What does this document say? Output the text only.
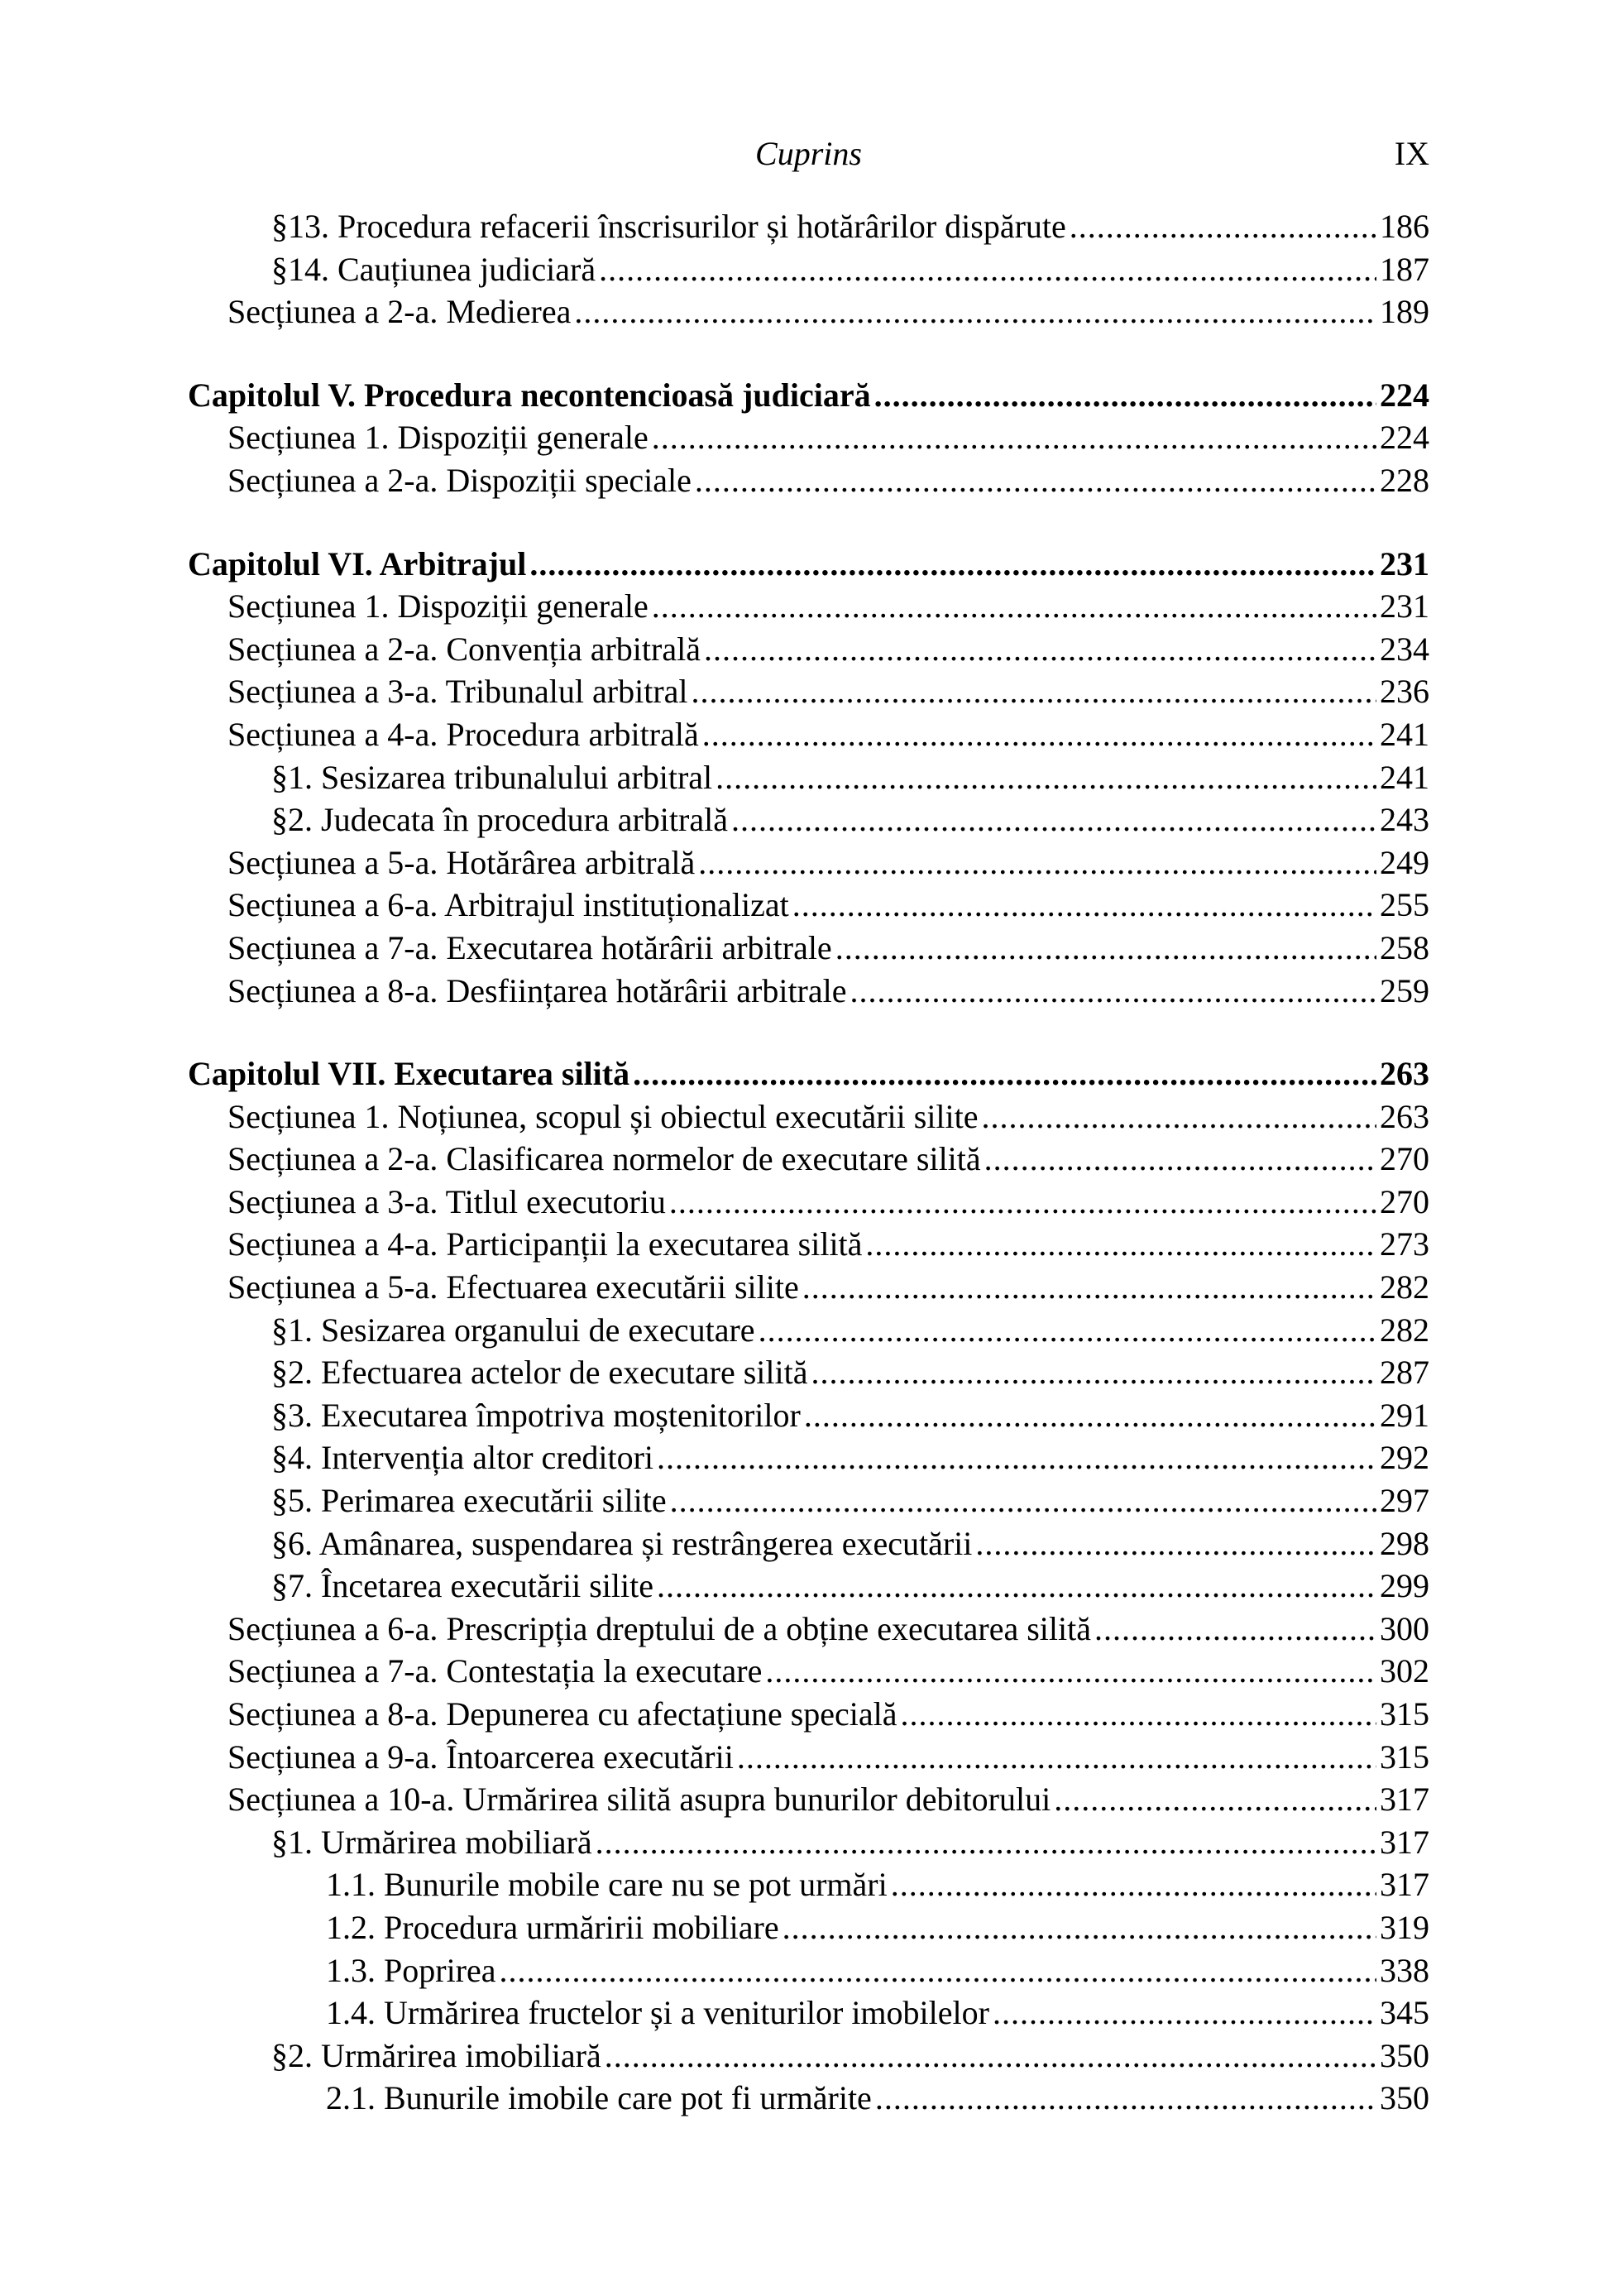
Cuprins	IX
§13. Procedura refacerii înscrisurilor și hotărârilor dispărute .....	186
§14. Cauțiunea judiciară .....	187
Secțiunea a 2-a. Medierea .....	189
Capitolul V. Procedura necontencioasă judiciară .....	224
Secțiunea 1. Dispoziții generale .....	224
Secțiunea a 2-a. Dispoziții speciale .....	228
Capitolul VI. Arbitrajul .....	231
Secțiunea 1. Dispoziții generale .....	231
Secțiunea a 2-a. Convenția arbitrală .....	234
Secțiunea a 3-a. Tribunalul arbitral .....	236
Secțiunea a 4-a. Procedura arbitrală .....	241
§1. Sesizarea tribunalului arbitral .....	241
§2. Judecata în procedura arbitrală .....	243
Secțiunea a 5-a. Hotărârea arbitrală .....	249
Secțiunea a 6-a. Arbitrajul instituționalizat .....	255
Secțiunea a 7-a. Executarea hotărârii arbitrale .....	258
Secțiunea a 8-a. Desființarea hotărârii arbitrale .....	259
Capitolul VII. Executarea silită .....	263
Secțiunea 1. Noțiunea, scopul și obiectul executării silite .....	263
Secțiunea a 2-a. Clasificarea normelor de executare silită .....	270
Secțiunea a 3-a. Titlul executoriu .....	270
Secțiunea a 4-a. Participanții la executarea silită .....	273
Secțiunea a 5-a. Efectuarea executării silite .....	282
§1. Sesizarea organului de executare .....	282
§2. Efectuarea actelor de executare silită .....	287
§3. Executarea împotriva moștenitorilor .....	291
§4. Intervenția altor creditori .....	292
§5. Perimarea executării silite .....	297
§6. Amânarea, suspendarea și restrângerea executării .....	298
§7. Încetarea executării silite .....	299
Secțiunea a 6-a. Prescripția dreptului de a obține executarea silită .....	300
Secțiunea a 7-a. Contestația la executare .....	302
Secțiunea a 8-a. Depunerea cu afectațiune specială .....	315
Secțiunea a 9-a. Întoarcerea executării .....	315
Secțiunea a 10-a. Urmărirea silită asupra bunurilor debitorului .....	317
§1. Urmărirea mobiliară .....	317
1.1. Bunurile mobile care nu se pot urmări .....	317
1.2. Procedura urmăririi mobiliare .....	319
1.3. Poprirea .....	338
1.4. Urmărirea fructelor și a veniturilor imobilelor .....	345
§2. Urmărirea imobiliară .....	350
2.1. Bunurile imobile care pot fi urmărite .....	350
